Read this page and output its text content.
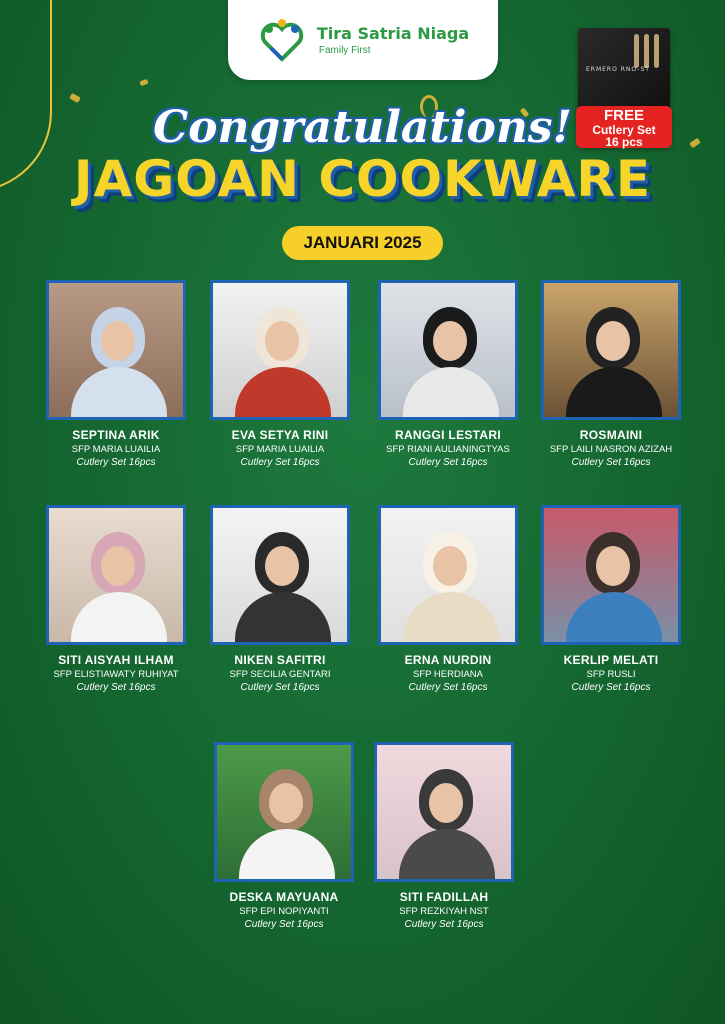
Tira Satria Niaga
Family First
ERMERO RNO-ST
FREE
Cutlery Set
16 pcs
Congratulations!
JAGOAN COOKWARE
JANUARI 2025
SEPTINA ARIK
SFP MARIA LUAILIA
Cutlery Set 16pcs
EVA SETYA RINI
SFP MARIA LUAILIA
Cutlery Set 16pcs
RANGGI LESTARI
SFP RIANI AULIANINGTYAS
Cutlery Set 16pcs
ROSMAINI
SFP LAILI NASRON AZIZAH
Cutlery Set 16pcs
SITI AISYAH ILHAM
SFP ELISTIAWATY RUHIYAT
Cutlery Set 16pcs
NIKEN SAFITRI
SFP SECILIA GENTARI
Cutlery Set 16pcs
ERNA NURDIN
SFP HERDIANA
Cutlery Set 16pcs
KERLIP MELATI
SFP RUSLI
Cutlery Set 16pcs
DESKA MAYUANA
SFP EPI NOPIYANTI
Cutlery Set 16pcs
SITI FADILLAH
SFP REZKIYAH NST
Cutlery Set 16pcs
